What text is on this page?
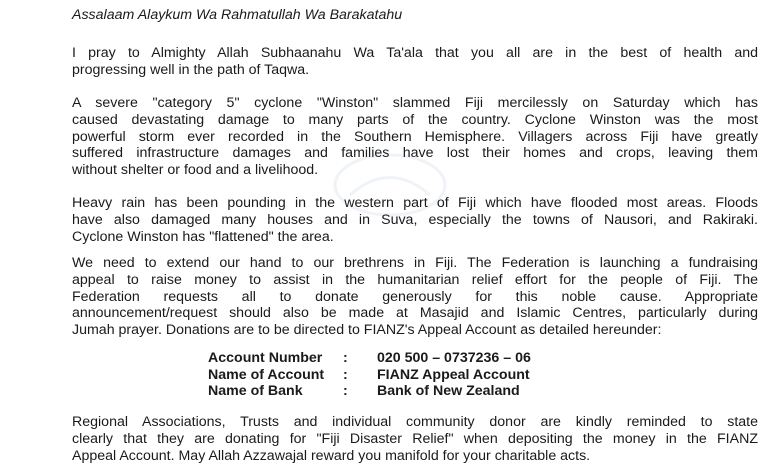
Assalaam Alaykum Wa Rahmatullah Wa Barakatahu

I pray to Almighty Allah Subhaanahu Wa Ta'ala that you all are in the best of health and
progressing well in the path of Taqwa.

A severe "category 5" cyclone "Winston" slammed Fiji mercilessly on Saturday which has
caused devastating damage to many parts of the country. Cyclone Winston was the most
powerful storm ever recorded in the Southern Hemisphere. Villagers across Fiji have greatly
suffered infrastructure damages and families have lost their homes and crops, leaving them
without shelter or food and a livelihood.

Heavy rain has been pounding in the western part of Fiji which have flooded most areas. Floods
have also damaged many houses and in Suva, especially the towns of Nausori, and Rakiraki.
Cyclone Winston has "flattened" the area.

We need to extend our hand to our brethrens in Fiji. The Federation is launching a fundraising
appeal to raise money to assist in the humanitarian relief effort for the people of Fiji. The
Federation requests all to donate generously for this noble cause. Appropriate
announcement/request should also be made at Masajid and Islamic Centres, particularly during
Jumah prayer. Donations are to be directed to FIANZ's Appeal Account as detailed hereunder:

Account Number	:	020 500 – 0737236 – 06
Name of Account	:	FIANZ Appeal Account
Name of Bank	:	Bank of New Zealand

Regional Associations, Trusts and individual community donor are kindly reminded to state
clearly that they are donating for "Fiji Disaster Relief" when depositing the money in the FIANZ
Appeal Account. May Allah Azzawajal reward you manifold for your charitable acts.
